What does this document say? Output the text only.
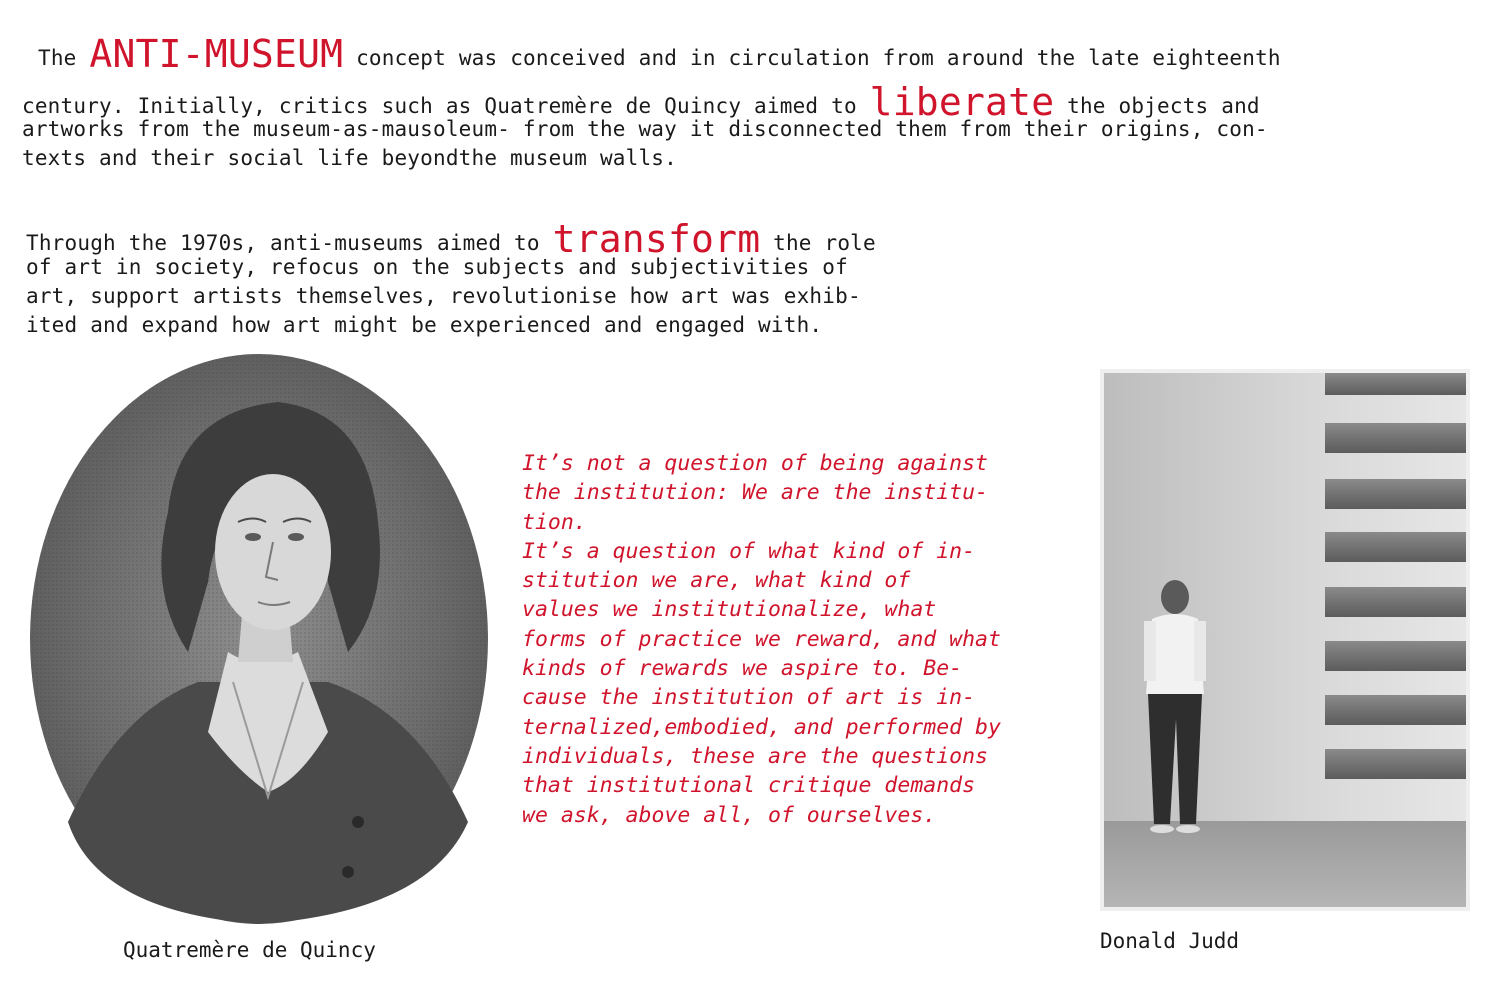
The ANTI-MUSEUM concept was conceived and in circulation from around the late eighteenth
century. Initially, critics such as Quatremère de Quincy aimed to liberate the objects and
artworks from the museum-as-mausoleum- from the way it disconnected them from their origins, con-
texts and their social life beyondthe museum walls.
Through the 1970s, anti-museums aimed to transform the role
of art in society, refocus on the subjects and subjectivities of
art, support artists themselves, revolutionise how art was exhib-
ited and expand how art might be experienced and engaged with.
It’s not a question of being against
the institution: We are the institu-
tion.
It’s a question of what kind of in-
stitution we are, what kind of
values we institutionalize, what
forms of practice we reward, and what
kinds of rewards we aspire to. Be-
cause the institution of art is in-
ternalized,embodied, and performed by
individuals, these are the questions
that institutional critique demands
we ask, above all, of ourselves.
Quatremère de Quincy	Donald Judd
